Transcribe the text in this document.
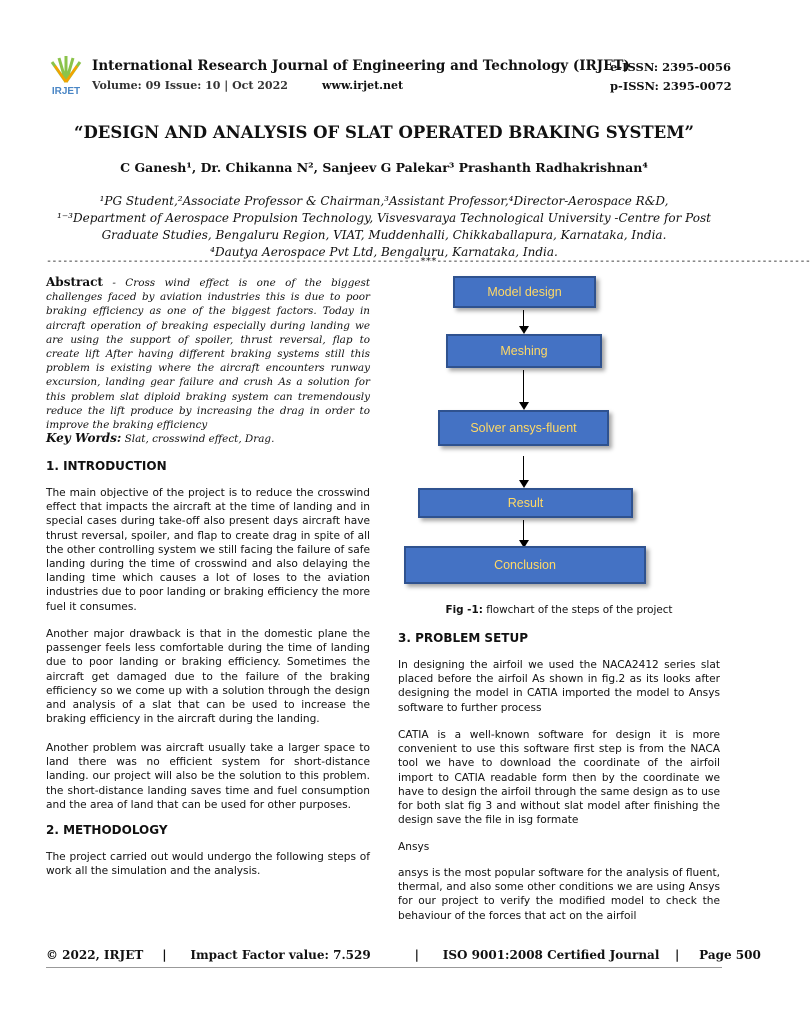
IRJET
International Research Journal of Engineering and Technology (IRJET)
Volume: 09 Issue: 10 | Oct 2022	www.irjet.net
e-ISSN: 2395-0056
p-ISSN: 2395-0072
“DESIGN AND ANALYSIS OF SLAT OPERATED BRAKING SYSTEM”
C Ganesh¹, Dr. Chikanna N², Sanjeev G Palekar³ Prashanth Radhakrishnan⁴
¹PG Student,²Associate Professor & Chairman,³Assistant Professor,⁴Director-Aerospace R&D,
¹⁻³Department of Aerospace Propulsion Technology, Visvesvaraya Technological University -Centre for Post
Graduate Studies, Bengaluru Region, VIAT, Muddenhalli, Chikkaballapura, Karnataka, India.
⁴Dautya Aerospace Pvt Ltd, Bengaluru, Karnataka, India.
---------------------------------------------------------------------***---------------------------------------------------------------------
Abstract - Cross wind effect is one of the biggest challenges faced by aviation industries this is due to poor braking efficiency as one of the biggest factors. Today in aircraft operation of breaking especially during landing we are using the support of spoiler, thrust reversal, flap to create lift After having different braking systems still this problem is existing where the aircraft encounters runway excursion, landing gear failure and crush As a solution for this problem slat diploid braking system can tremendously reduce the lift produce by increasing the drag in order to improve the braking efficiency
Key Words: Slat, crosswind effect, Drag.
1. INTRODUCTION
The main objective of the project is to reduce the crosswind effect that impacts the aircraft at the time of landing and in special cases during take-off also present days aircraft have thrust reversal, spoiler, and flap to create drag in spite of all the other controlling system we still facing the failure of safe landing during the time of crosswind and also delaying the landing time which causes a lot of loses to the aviation industries due to poor landing or braking efficiency the more fuel it consumes.
Another major drawback is that in the domestic plane the passenger feels less comfortable during the time of landing due to poor landing or braking efficiency. Sometimes the aircraft get damaged due to the failure of the braking efficiency so we come up with a solution through the design and analysis of a slat that can be used to increase the braking efficiency in the aircraft during the landing.
Another problem was aircraft usually take a larger space to land there was no efficient system for short-distance landing. our project will also be the solution to this problem. the short-distance landing saves time and fuel consumption and the area of land that can be used for other purposes.
2. METHODOLOGY
The project carried out would undergo the following steps of work all the simulation and the analysis.
Model design
Meshing
Solver ansys-fluent
Result
Conclusion
Fig -1: flowchart of the steps of the project
3. PROBLEM SETUP
In designing the airfoil we used the NACA2412 series slat placed before the airfoil As shown in fig.2 as its looks after designing the model in CATIA imported the model to Ansys software to further process
CATIA is a well-known software for design it is more convenient to use this software first step is from the NACA tool we have to download the coordinate of the airfoil import to CATIA readable form then by the coordinate we have to design the airfoil through the same design as to use for both slat fig 3 and without slat model after finishing the design save the file in isg formate
Ansys
ansys is the most popular software for the analysis of fluent, thermal, and also some other conditions we are using Ansys for our project to verify the modified model to check the behaviour of the forces that act on the airfoil
© 2022, IRJET | Impact Factor value: 7.529	| ISO 9001:2008 Certified Journal | Page 500
